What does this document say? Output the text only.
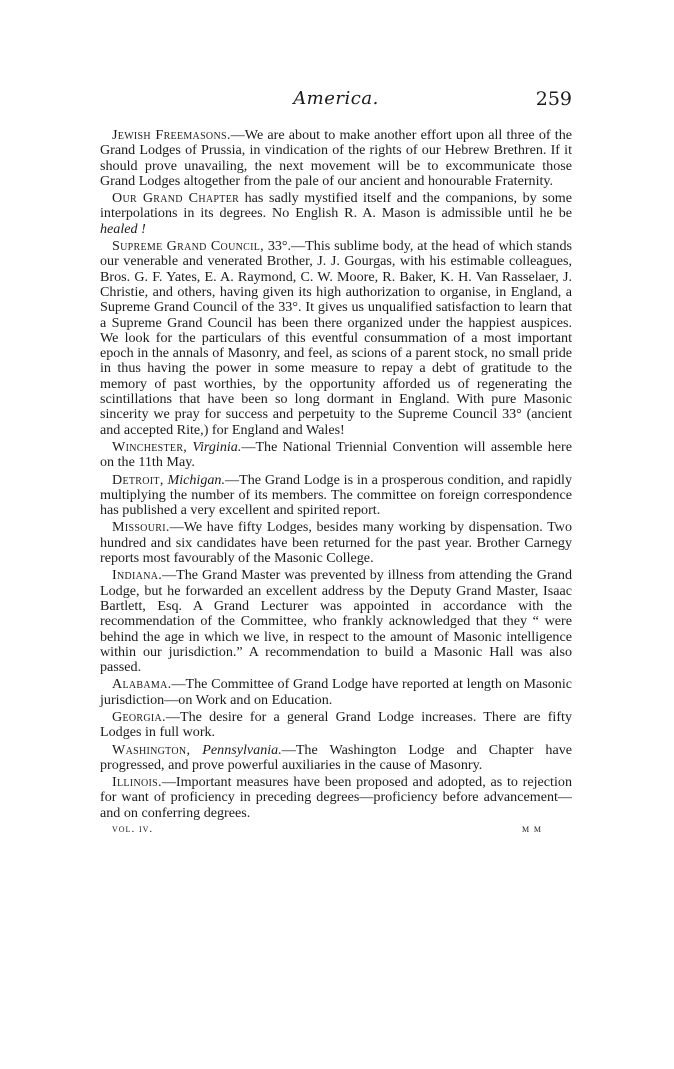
America.	259

Jewish Freemasons.—We are about to make another effort upon all three of the Grand Lodges of Prussia, in vindication of the rights of our Hebrew Brethren. If it should prove unavailing, the next movement will be to excommunicate those Grand Lodges altogether from the pale of our ancient and honourable Fraternity.

Our Grand Chapter has sadly mystified itself and the companions, by some interpolations in its degrees. No English R. A. Mason is admissible until he be healed !

Supreme Grand Council, 33°.—This sublime body, at the head of which stands our venerable and venerated Brother, J. J. Gourgas, with his estimable colleagues, Bros. G. F. Yates, E. A. Raymond, C. W. Moore, R. Baker, K. H. Van Rasselaer, J. Christie, and others, having given its high authorization to organise, in England, a Supreme Grand Council of the 33°. It gives us unqualified satisfaction to learn that a Supreme Grand Council has been there organized under the happiest auspices. We look for the particulars of this eventful consummation of a most important epoch in the annals of Masonry, and feel, as scions of a parent stock, no small pride in thus having the power in some measure to repay a debt of gratitude to the memory of past worthies, by the opportunity afforded us of regenerating the scintillations that have been so long dormant in England. With pure Masonic sincerity we pray for success and perpetuity to the Supreme Council 33° (ancient and accepted Rite,) for England and Wales!

Winchester, Virginia.—The National Triennial Convention will assemble here on the 11th May.

Detroit, Michigan.—The Grand Lodge is in a prosperous condition, and rapidly multiplying the number of its members. The committee on foreign correspondence has published a very excellent and spirited report.

Missouri.—We have fifty Lodges, besides many working by dispensation. Two hundred and six candidates have been returned for the past year. Brother Carnegy reports most favourably of the Masonic College.

Indiana.—The Grand Master was prevented by illness from attending the Grand Lodge, but he forwarded an excellent address by the Deputy Grand Master, Isaac Bartlett, Esq. A Grand Lecturer was appointed in accordance with the recommendation of the Committee, who frankly acknowledged that they “ were behind the age in which we live, in respect to the amount of Masonic intelligence within our jurisdiction.” A recommendation to build a Masonic Hall was also passed.

Alabama.—The Committee of Grand Lodge have reported at length on Masonic jurisdiction—on Work and on Education.

Georgia.—The desire for a general Grand Lodge increases. There are fifty Lodges in full work.

Washington, Pennsylvania.—The Washington Lodge and Chapter have progressed, and prove powerful auxiliaries in the cause of Masonry.

Illinois.—Important measures have been proposed and adopted, as to rejection for want of proficiency in preceding degrees—proficiency before advancement—and on conferring degrees.

vol. iv.	m m
